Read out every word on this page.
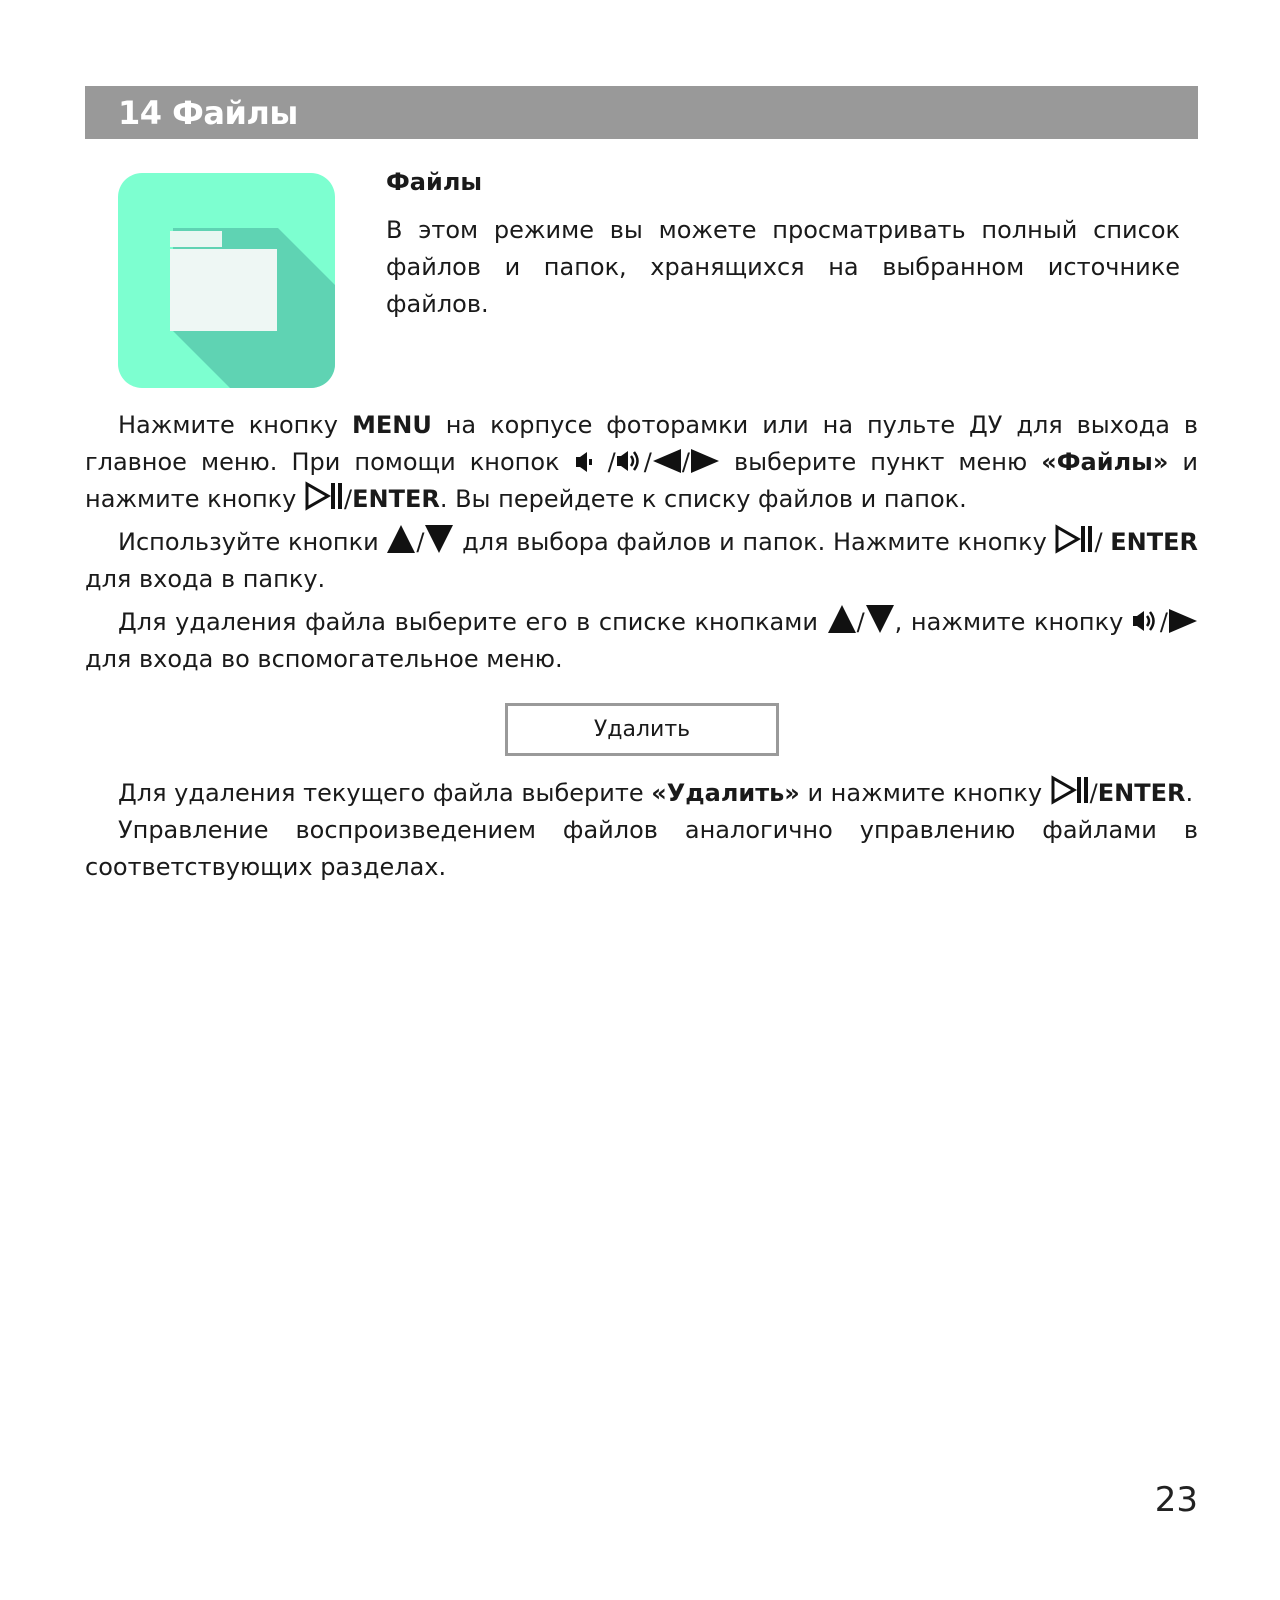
14 Файлы

Файлы

В этом режиме вы можете просматривать полный список файлов и папок, хранящихся на выбранном источнике файлов.

Нажмите кнопку MENU на корпусе фоторамки или на пульте ДУ для выхода в главное меню. При помощи кнопок  / / / выберите пункт меню «Файлы» и нажмите кнопку /ENTER. Вы перейдете к списку файлов и папок.

Используйте кнопки / для выбора файлов и папок. Нажмите кнопку / ENTER для входа в папку.

Для удаления файла выберите его в списке кнопками / , нажмите кнопку / для входа во вспомогательное меню.

Удалить

Для удаления текущего файла выберите «Удалить» и нажмите кнопку /ENTER.

Управление воспроизведением файлов аналогично управлению файлами в соответствующих разделах.

23
